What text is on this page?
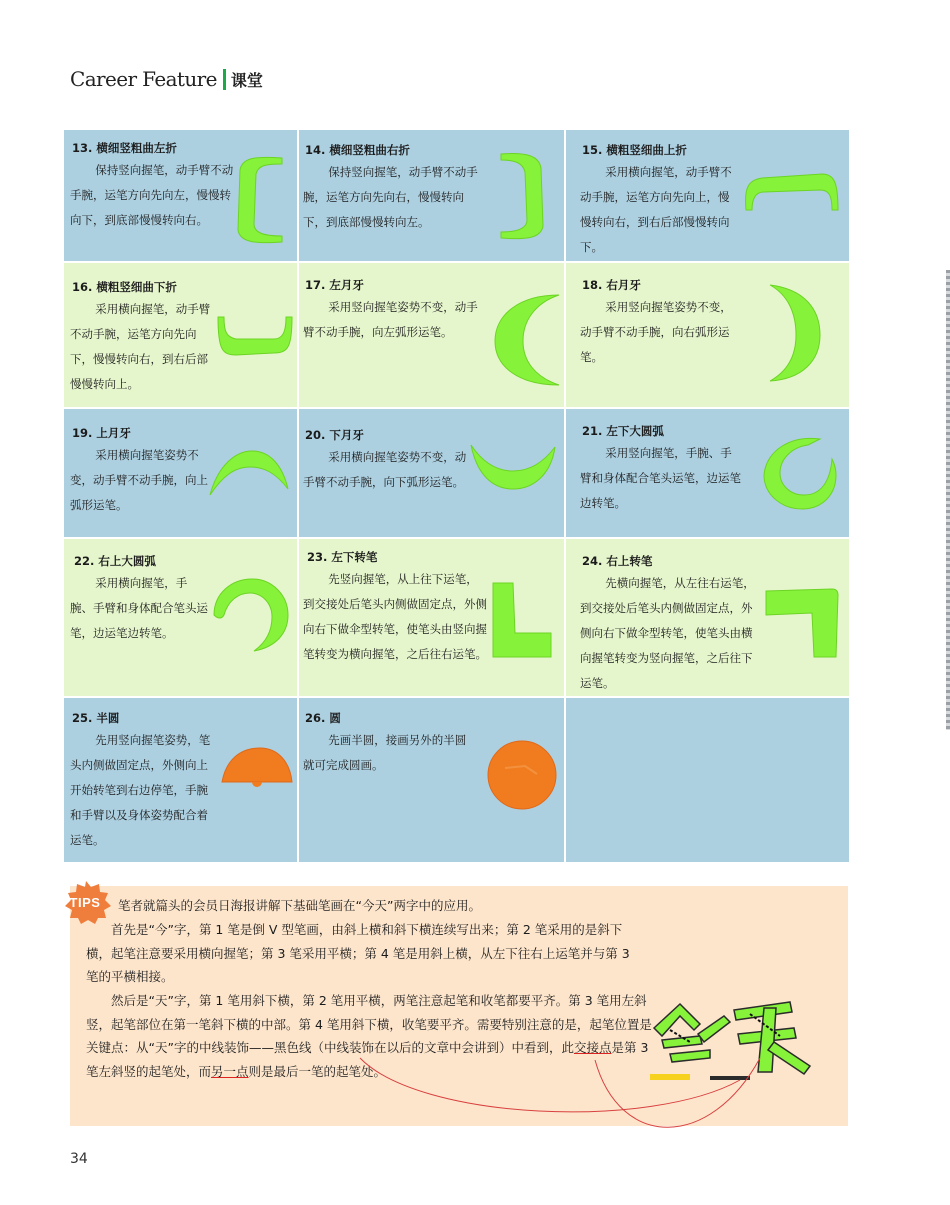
Career Feature 课堂
13. 横细竖粗曲左折
保持竖向握笔，动手臂不动手腕，运笔方向先向左，慢慢转向下，到底部慢慢转向右。
14. 横细竖粗曲右折
保持竖向握笔，动手臂不动手腕，运笔方向先向右，慢慢转向下，到底部慢慢转向左。
15. 横粗竖细曲上折
采用横向握笔，动手臂不动手腕，运笔方向先向上，慢慢转向右，到右后部慢慢转向下。
16. 横粗竖细曲下折
采用横向握笔，动手臂不动手腕，运笔方向先向下，慢慢转向右，到右后部慢慢转向上。
17. 左月牙
采用竖向握笔姿势不变，动手臂不动手腕，向左弧形运笔。
18. 右月牙
采用竖向握笔姿势不变，动手臂不动手腕，向右弧形运笔。
19. 上月牙
采用横向握笔姿势不变，动手臂不动手腕，向上弧形运笔。
20. 下月牙
采用横向握笔姿势不变，动手臂不动手腕，向下弧形运笔。
21. 左下大圆弧
采用竖向握笔，手腕、手臂和身体配合笔头运笔，边运笔边转笔。
22. 右上大圆弧
采用横向握笔，手腕、手臂和身体配合笔头运笔，边运笔边转笔。
23. 左下转笔
先竖向握笔，从上往下运笔，到交接处后笔头内侧做固定点，外侧向右下做伞型转笔，使笔头由竖向握笔转变为横向握笔，之后往右运笔。
24. 右上转笔
先横向握笔，从左往右运笔，到交接处后笔头内侧做固定点，外侧向右下做伞型转笔，使笔头由横向握笔转变为竖向握笔，之后往下运笔。
25. 半圆
先用竖向握笔姿势，笔头内侧做固定点，外侧向上开始转笔到右边停笔，手腕和手臂以及身体姿势配合着运笔。
26. 圆
先画半圆，接画另外的半圆就可完成圆画。

笔者就篇头的会员日海报讲解下基础笔画在“今天”两字中的应用。

首先是“今”字，第 1 笔是倒 V 型笔画，由斜上横和斜下横连续写出来；第 2 笔采用的是斜下横，起笔注意要采用横向握笔；第 3 笔采用平横；第 4 笔是用斜上横，从左下往右上运笔并与第 3 笔的平横相接。

然后是“天”字，第 1 笔用斜下横，第 2 笔用平横，两笔注意起笔和收笔都要平齐。第 3 笔用左斜竖，起笔部位在第一笔斜下横的中部。第 4 笔用斜下横，收笔要平齐。需要特别注意的是，起笔位置是关键点：从“天”字的中线装饰——黑色线（中线装饰在以后的文章中会讲到）中看到，此交接点是第 3 笔左斜竖的起笔处，而另一点则是最后一笔的起笔处。

TIPS
34
